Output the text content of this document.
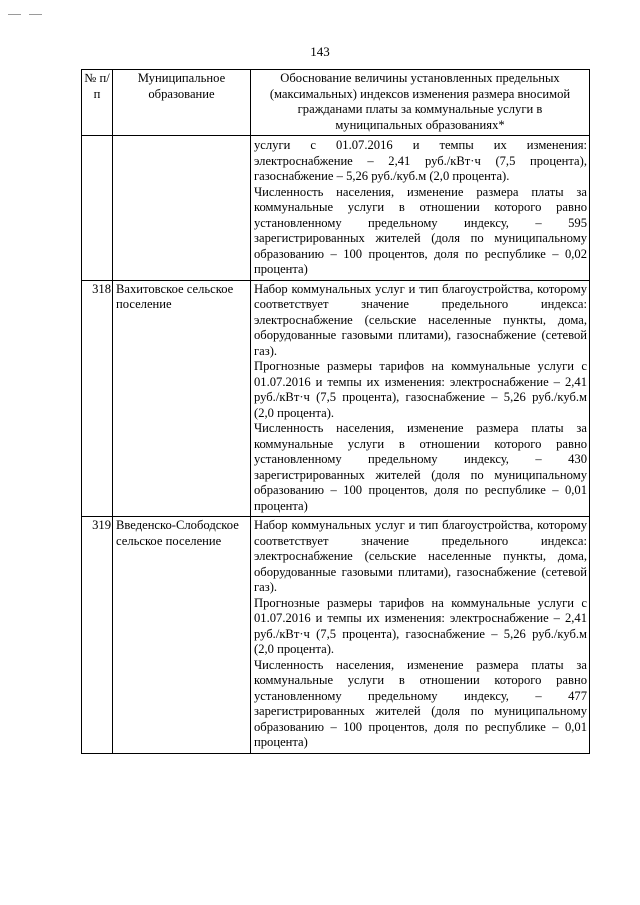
143
№ п/п	Муниципальное образование	Обоснование величины установленных предельных (максимальных) индексов изменения размера вносимой гражданами платы за коммунальные услуги в муниципальных образованиях*

		услуги с 01.07.2016 и темпы их изменения: электроснабжение – 2,41 руб./кВт·ч (7,5 процента), газоснабжение – 5,26 руб./куб.м (2,0 процента).

Численность населения, изменение размера платы за коммунальные услуги в отношении которого равно установленному предельному индексу, – 595 зарегистрированных жителей (доля по муниципальному образованию – 100 процентов, доля по республике – 0,02 процента)

318	Вахитовское сельское поселение	Набор коммунальных услуг и тип благоустройства, которому соответствует значение предельного индекса: электроснабжение (сельские населенные пункты, дома, оборудованные газовыми плитами), газоснабжение (сетевой газ).

Прогнозные размеры тарифов на коммунальные услуги с 01.07.2016 и темпы их изменения: электроснабжение – 2,41 руб./кВт·ч (7,5 процента), газоснабжение – 5,26 руб./куб.м (2,0 процента).

Численность населения, изменение размера платы за коммунальные услуги в отношении которого равно установленному предельному индексу, – 430 зарегистрированных жителей (доля по муниципальному образованию – 100 процентов, доля по республике – 0,01 процента)

319	Введенско-Слободское сельское поселение	Набор коммунальных услуг и тип благоустройства, которому соответствует значение предельного индекса: электроснабжение (сельские населенные пункты, дома, оборудованные газовыми плитами), газоснабжение (сетевой газ).

Прогнозные размеры тарифов на коммунальные услуги с 01.07.2016 и темпы их изменения: электроснабжение – 2,41 руб./кВт·ч (7,5 процента), газоснабжение – 5,26 руб./куб.м (2,0 процента).

Численность населения, изменение размера платы за коммунальные услуги в отношении которого равно установленному предельному индексу, – 477 зарегистрированных жителей (доля по муниципальному образованию – 100 процентов, доля по республике – 0,01 процента)
